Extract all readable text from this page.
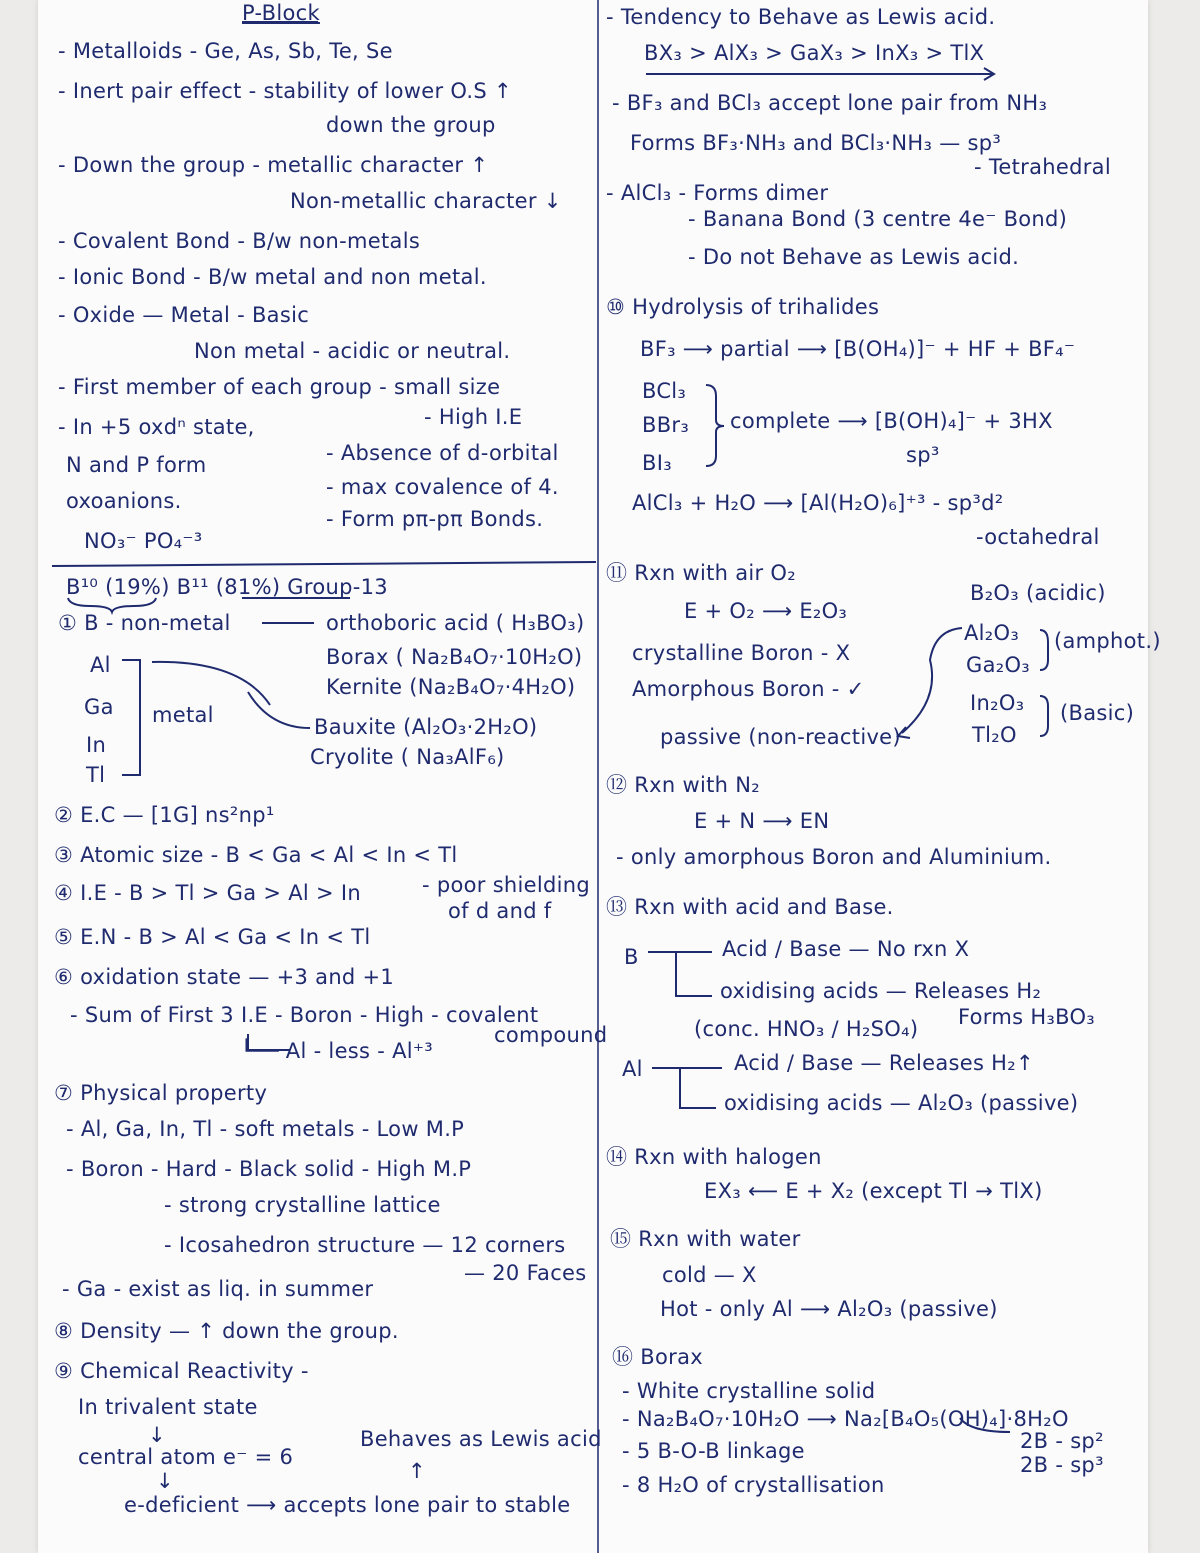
P-Block
- Metalloids - Ge, As, Sb, Te, Se
- Inert pair effect - stability of lower O.S ↑
down the group
- Down the group - metallic character ↑
Non-metallic character ↓
- Covalent Bond - B/w non-metals
- Ionic Bond - B/w metal and non metal.
- Oxide — Metal - Basic
Non metal - acidic or neutral.
- First member of each group - small size
- High I.E
- In +5 oxdⁿ state,
- Absence of d-orbital
N and P form
- max covalence of 4.
oxoanions.
- Form pπ-pπ Bonds.
NO₃⁻ PO₄⁻³
B¹⁰ (19%) B¹¹ (81%) Group-13
① B - non-metal	orthoboric acid ( H₃BO₃)
Al	Borax ( Na₂B₄O₇·10H₂O)
Ga metal
Kernite (Na₂B₄O₇·4H₂O)
In
Bauxite (Al₂O₃·2H₂O)
Tl
Cryolite ( Na₃AlF₆)
② E.C — [1G] ns²np¹
③ Atomic size - B < Ga < Al < In < Tl
④ I.E - B > Tl > Ga > Al > In	- poor shielding
of d and f
⑤ E.N - B > Al < Ga < In < Tl
⑥ oxidation state — +3 and +1
- Sum of First 3 I.E - Boron - High - covalent
compound
└── Al - less - Al⁺³
⑦ Physical property
- Al, Ga, In, Tl - soft metals - Low M.P
- Boron - Hard - Black solid - High M.P
- strong crystalline lattice
- Icosahedron structure — 12 corners
— 20 Faces
- Ga - exist as liq. in summer
⑧ Density — ↑ down the group.
⑨ Chemical Reactivity -
In trivalent state
↓
central atom e⁻ = 6
Behaves as Lewis acid
↓	↑
e-deficient ⟶ accepts lone pair to stable
- Tendency to Behave as Lewis acid.
BX₃ > AlX₃ > GaX₃ > InX₃ > TlX
- BF₃ and BCl₃ accept lone pair from NH₃
Forms BF₃·NH₃ and BCl₃·NH₃ — sp³
- Tetrahedral
- AlCl₃ - Forms dimer
- Banana Bond (3 centre 4e⁻ Bond)
- Do not Behave as Lewis acid.
⑩ Hydrolysis of trihalides
BF₃ ⟶ partial ⟶ [B(OH₄)]⁻ + HF + BF₄⁻
BCl₃
BBr₃ complete ⟶ [B(OH)₄]⁻ + 3HX
BI₃	sp³
AlCl₃ + H₂O ⟶ [Al(H₂O)₆]⁺³ - sp³d²
-octahedral
⑪ Rxn with air O₂
B₂O₃ (acidic)
E + O₂ ⟶ E₂O₃
Al₂O₃ (amphot.)
crystalline Boron - X	Ga₂O₃
Amorphous Boron - ✓
In₂O₃ (Basic)
passive (non-reactive)	Tl₂O
⑫ Rxn with N₂
E + N ⟶ EN
- only amorphous Boron and Aluminium.
⑬ Rxn with acid and Base.
B	Acid / Base — No rxn X
oxidising acids — Releases H₂
(conc. HNO₃ / H₂SO₄) Forms H₃BO₃
Al	Acid / Base — Releases H₂↑
oxidising acids — Al₂O₃ (passive)
⑭ Rxn with halogen
EX₃ ⟵ E + X₂ (except Tl → TlX)
⑮ Rxn with water
cold — X
Hot - only Al ⟶ Al₂O₃ (passive)
⑯ Borax
- White crystalline solid
- Na₂B₄O₇·10H₂O ⟶ Na₂[B₄O₅(OH)₄]·8H₂O
2B - sp²
- 5 B-O-B linkage
2B - sp³
- 8 H₂O of crystallisation
